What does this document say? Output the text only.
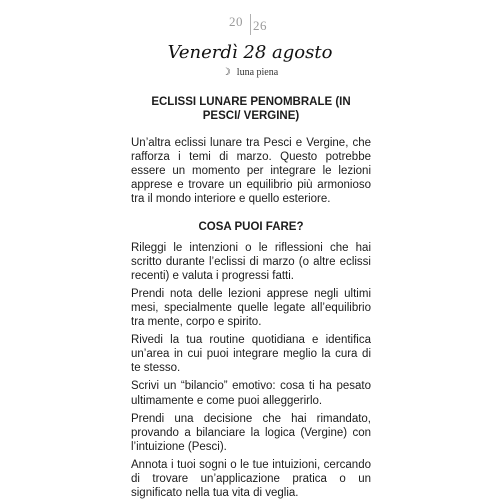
20 26
Venerdì 28 agosto
☽ luna piena
ECLISSI LUNARE PENOMBRALE (IN PESCI/ VERGINE)

Un’altra eclissi lunare tra Pesci e Vergine, che rafforza i temi di marzo. Questo potrebbe essere un momento per integrare le lezioni apprese e trovare un equilibrio più armonioso tra il mondo interiore e quello esteriore.

COSA PUOI FARE?

Rileggi le intenzioni o le riflessioni che hai scritto durante l’eclissi di marzo (o altre eclissi recenti) e valuta i progressi fatti.

Prendi nota delle lezioni apprese negli ultimi mesi, specialmente quelle legate all’equilibrio tra mente, corpo e spirito.

Rivedi la tua routine quotidiana e identifica un’area in cui puoi integrare meglio la cura di te stesso.

Scrivi un “bilancio” emotivo: cosa ti ha pesato ultimamente e come puoi alleggerirlo.

Prendi una decisione che hai rimandato, provando a bilanciare la logica (Vergine) con l’intuizione (Pesci).

Annota i tuoi sogni o le tue intuizioni, cercando di trovare un’applicazione pratica o un significato nella tua vita di veglia.
